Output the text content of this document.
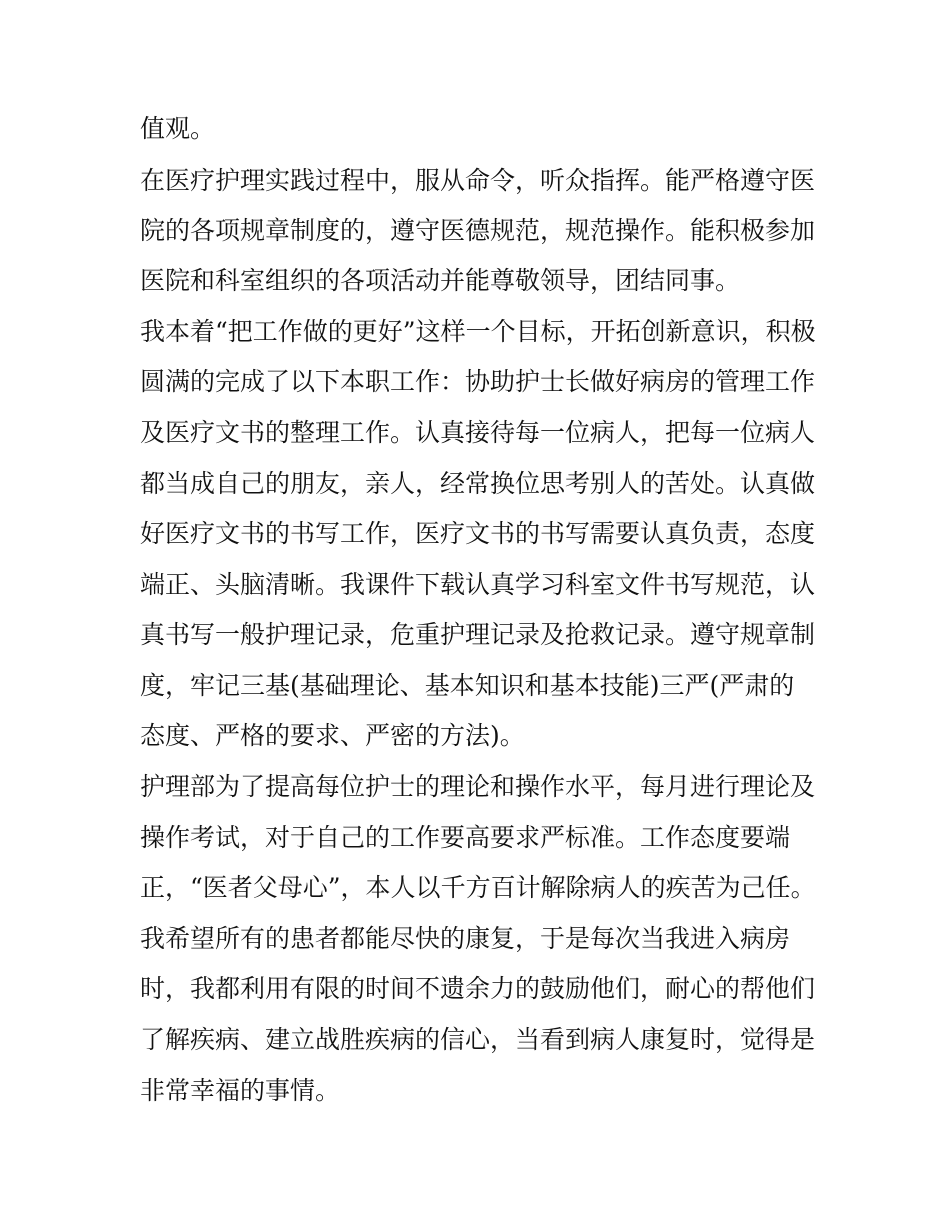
值观。
在医疗护理实践过程中，服从命令，听众指挥。能严格遵守医
院的各项规章制度的，遵守医德规范，规范操作。能积极参加
医院和科室组织的各项活动并能尊敬领导，团结同事。
我本着“把工作做的更好”这样一个目标，开拓创新意识，积极
圆满的完成了以下本职工作：协助护士长做好病房的管理工作
及医疗文书的整理工作。认真接待每一位病人，把每一位病人
都当成自己的朋友，亲人，经常换位思考别人的苦处。认真做
好医疗文书的书写工作，医疗文书的书写需要认真负责，态度
端正、头脑清晰。我课件下载认真学习科室文件书写规范，认
真书写一般护理记录，危重护理记录及抢救记录。遵守规章制
度，牢记三基(基础理论、基本知识和基本技能)三严(严肃的
态度、严格的要求、严密的方法)。
护理部为了提高每位护士的理论和操作水平，每月进行理论及
操作考试，对于自己的工作要高要求严标准。工作态度要端
正，“医者父母心”，本人以千方百计解除病人的疾苦为己任。
我希望所有的患者都能尽快的康复，于是每次当我进入病房
时，我都利用有限的时间不遗余力的鼓励他们，耐心的帮他们
了解疾病、建立战胜疾病的信心，当看到病人康复时，觉得是
非常幸福的事情。
